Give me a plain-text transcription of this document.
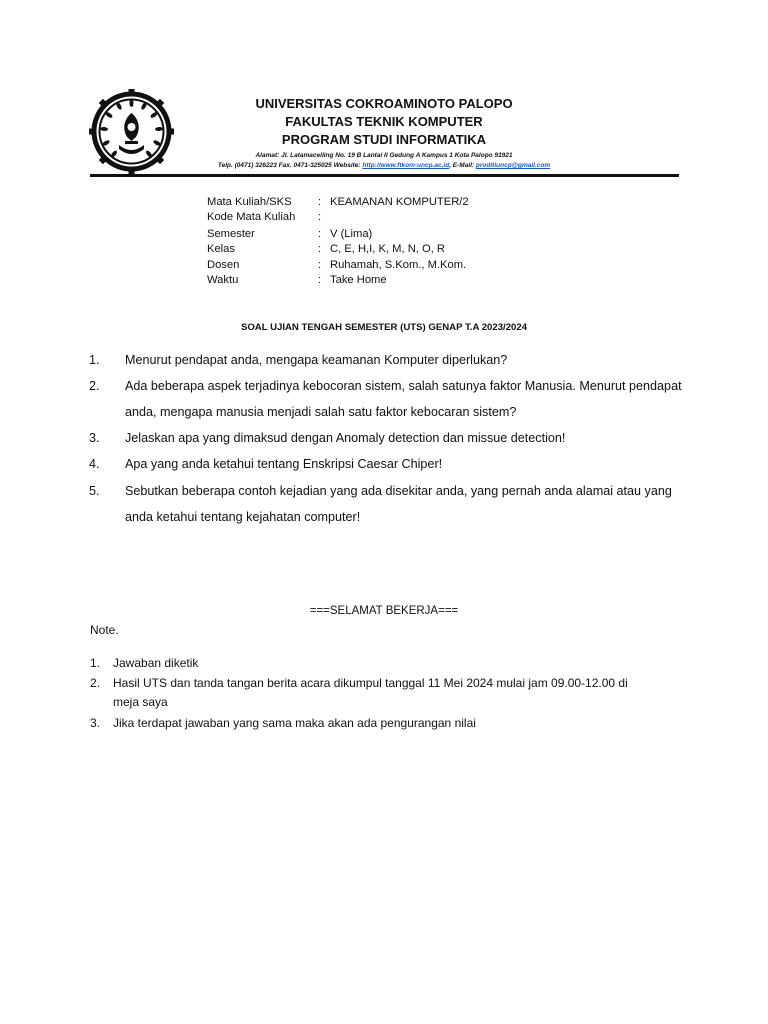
UNIVERSITAS COKROAMINOTO PALOPO
FAKULTAS TEKNIK KOMPUTER
PROGRAM STUDI INFORMATIKA
Alamat: Jl. Latamacelling No. 19 B Lantai II Gedung A Kampus 1 Kota Palopo 91921
Telp. (0471) 326223 Fax. 0471-325025 Website: http://www.ftkom-uncp.ac.id, E-Mail: proditiuncp@gmail.com
Mata Kuliah/SKS : KEAMANAN KOMPUTER/2
Kode Mata Kuliah :
Semester	: V (Lima)
Kelas	: C, E, H,I, K, M, N, O, R
Dosen	: Ruhamah, S.Kom., M.Kom.
Waktu	: Take Home
SOAL UJIAN TENGAH SEMESTER (UTS) GENAP T.A 2023/2024
1. Menurut pendapat anda, mengapa keamanan Komputer diperlukan?
2. Ada beberapa aspek terjadinya kebocoran sistem, salah satunya faktor Manusia. Menurut pendapat
anda, mengapa manusia menjadi salah satu faktor kebocaran sistem?
3. Jelaskan apa yang dimaksud dengan Anomaly detection dan missue detection!
4. Apa yang anda ketahui tentang Enskripsi Caesar Chiper!
5. Sebutkan beberapa contoh kejadian yang ada disekitar anda, yang pernah anda alamai atau yang
anda ketahui tentang kejahatan computer!
===SELAMAT BEKERJA===
Note.
1. Jawaban diketik
2. Hasil UTS dan tanda tangan berita acara dikumpul tanggal 11 Mei 2024 mulai jam 09.00-12.00 di
meja saya
3. Jika terdapat jawaban yang sama maka akan ada pengurangan nilai
